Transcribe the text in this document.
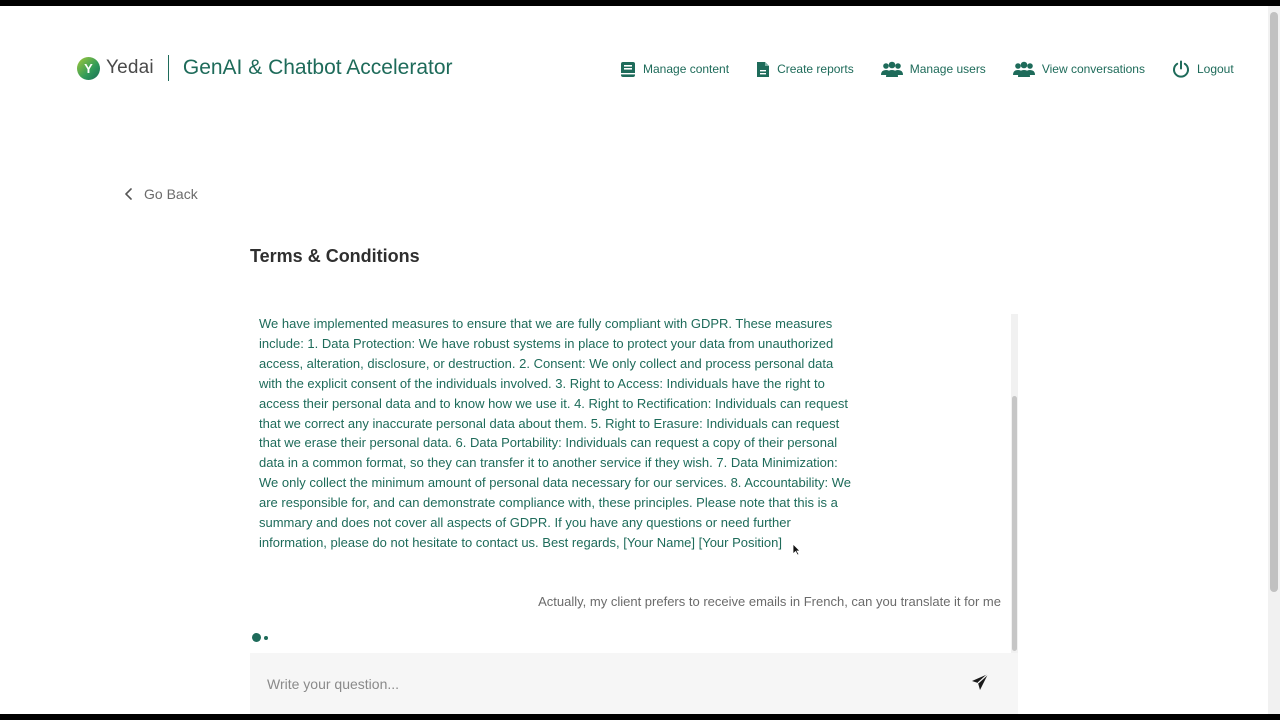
Y Yedai GenAI & Chatbot Accelerator	Manage content	Create reports	Manage users	View conversations	Logout
Go Back
Terms & Conditions
We have implemented measures to ensure that we are fully compliant with GDPR. These measures include: 1. Data Protection: We have robust systems in place to protect your data from unauthorized access, alteration, disclosure, or destruction. 2. Consent: We only collect and process personal data with the explicit consent of the individuals involved. 3. Right to Access: Individuals have the right to access their personal data and to know how we use it. 4. Right to Rectification: Individuals can request that we correct any inaccurate personal data about them. 5. Right to Erasure: Individuals can request that we erase their personal data. 6. Data Portability: Individuals can request a copy of their personal data in a common format, so they can transfer it to another service if they wish. 7. Data Minimization: We only collect the minimum amount of personal data necessary for our services. 8. Accountability: We are responsible for, and can demonstrate compliance with, these principles. Please note that this is a summary and does not cover all aspects of GDPR. If you have any questions or need further information, please do not hesitate to contact us. Best regards, [Your Name] [Your Position]
Actually, my client prefers to receive emails in French, can you translate it for me
Write your question...
